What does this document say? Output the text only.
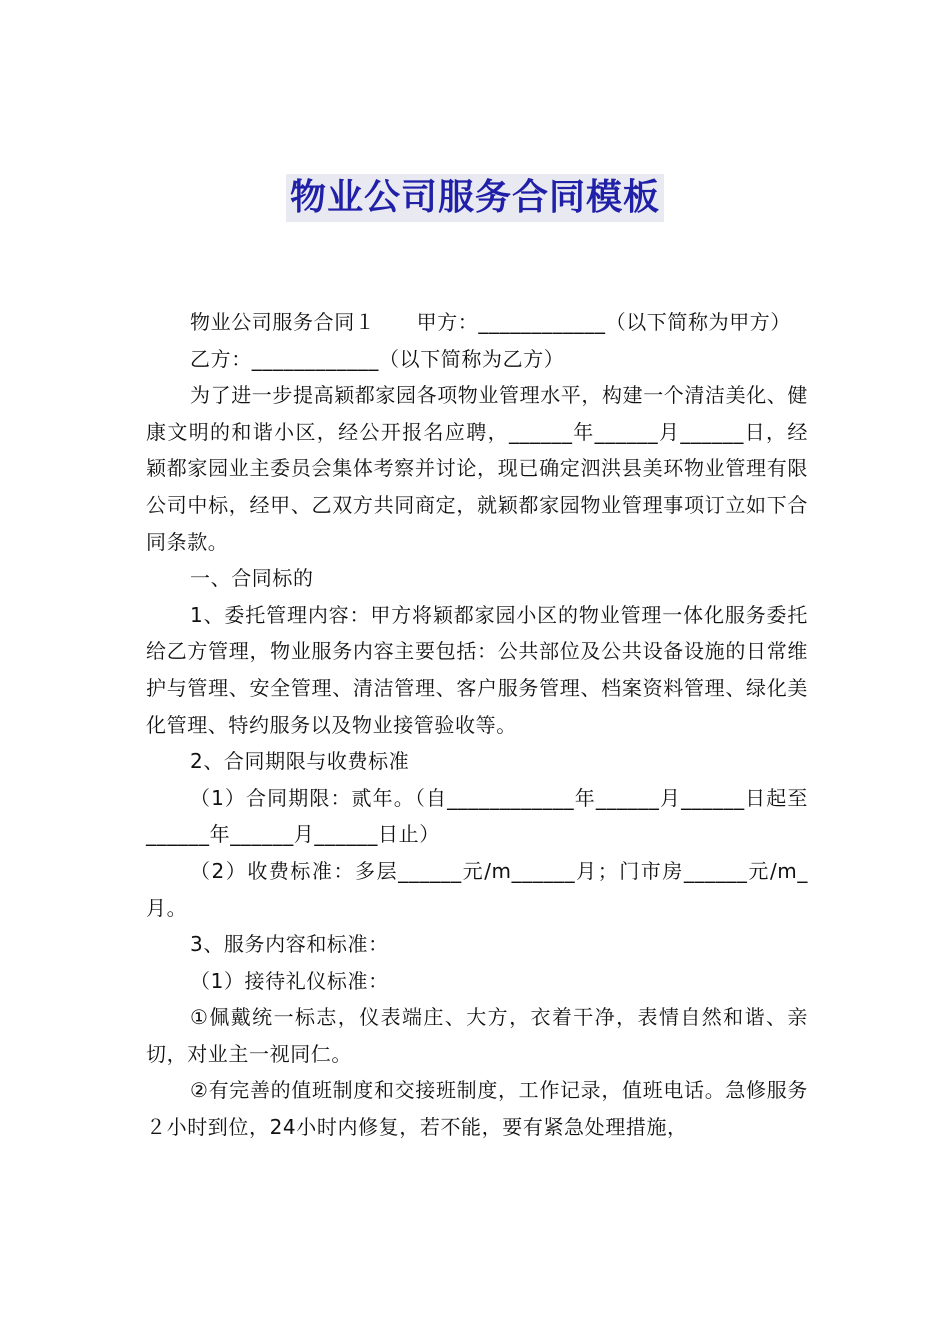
物业公司服务合同模板

物业公司服务合同１　　甲方：____________（以下简称为甲方）

乙方：____________（以下简称为乙方）

为了进一步提高颖都家园各项物业管理水平，构建一个清洁美化、健康文明的和谐小区，经公开报名应聘，______年______月______日，经颖都家园业主委员会集体考察并讨论，现已确定泗洪县美环物业管理有限公司中标，经甲、乙双方共同商定，就颖都家园物业管理事项订立如下合同条款。

一、合同标的

1、委托管理内容：甲方将颖都家园小区的物业管理一体化服务委托给乙方管理，物业服务内容主要包括：公共部位及公共设备设施的日常维护与管理、安全管理、清洁管理、客户服务管理、档案资料管理、绿化美化管理、特约服务以及物业接管验收等。

2、合同期限与收费标准

（1）合同期限：贰年。（自____________年______月______日起至______年______月______日止）

（2）收费标准：多层______元/m______月；门市房______元/m_月。

3、服务内容和标准：

（1）接待礼仪标准：

①佩戴统一标志，仪表端庄、大方，衣着干净，表情自然和谐、亲切，对业主一视同仁。

②有完善的值班制度和交接班制度，工作记录，值班电话。急修服务２小时到位，24小时内修复，若不能，要有紧急处理措施，
